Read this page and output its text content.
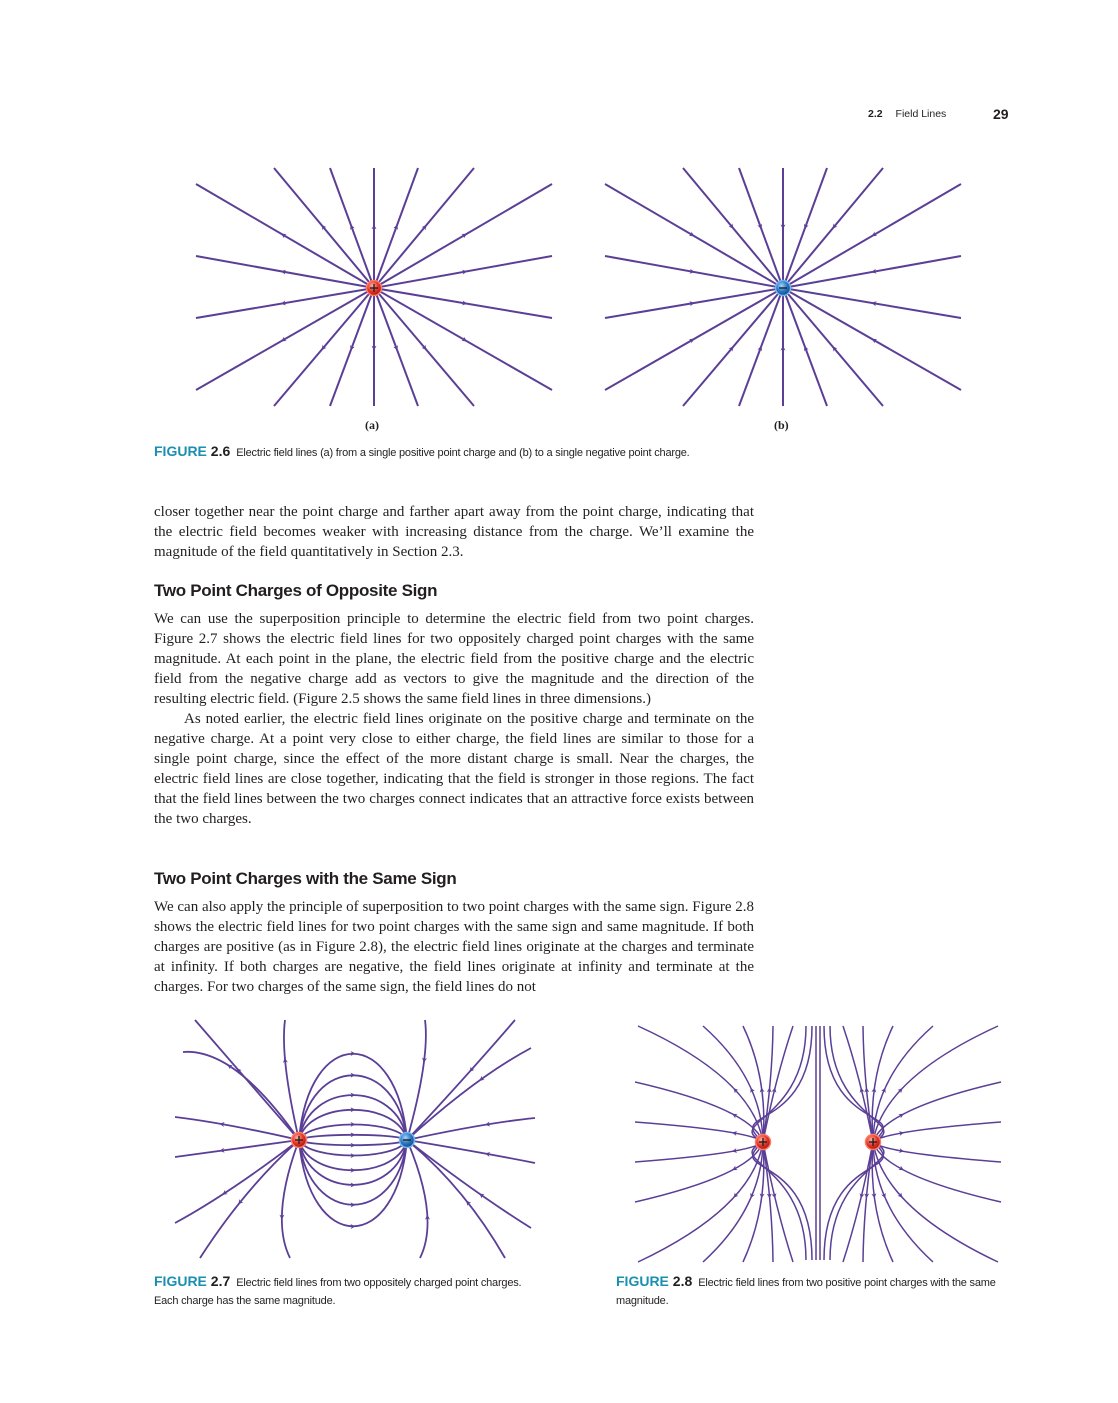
2.2 Field Lines	29
(a)	(b)
FIGURE 2.6 Electric field lines (a) from a single positive point charge and (b) to a single negative point charge.

closer together near the point charge and farther apart away from the point charge, indicating that the electric field becomes weaker with increasing distance from the charge. We’ll examine the magnitude of the field quantitatively in Section 2.3.

Two Point Charges of Opposite Sign

We can use the superposition principle to determine the electric field from two point charges. Figure 2.7 shows the electric field lines for two oppositely charged point charges with the same magnitude. At each point in the plane, the electric field from the positive charge and the electric field from the negative charge add as vectors to give the magnitude and the direction of the resulting electric field. (Figure 2.5 shows the same field lines in three dimensions.)

As noted earlier, the electric field lines originate on the positive charge and terminate on the negative charge. At a point very close to either charge, the field lines are similar to those for a single point charge, since the effect of the more distant charge is small. Near the charges, the electric field lines are close together, indicating that the field is stronger in those regions. The fact that the field lines between the two charges connect indicates that an attractive force exists between the two charges.

Two Point Charges with the Same Sign

We can also apply the principle of superposition to two point charges with the same sign. Figure 2.8 shows the electric field lines for two point charges with the same sign and same magnitude. If both charges are positive (as in Figure 2.8), the electric field lines originate at the charges and terminate at infinity. If both charges are negative, the field lines originate at infinity and terminate at the charges. For two charges of the same sign, the field lines do not

FIGURE 2.7 Electric field lines from two oppositely charged point charges. Each charge has the same magnitude.
FIGURE 2.8 Electric field lines from two positive point charges with the same magnitude.
